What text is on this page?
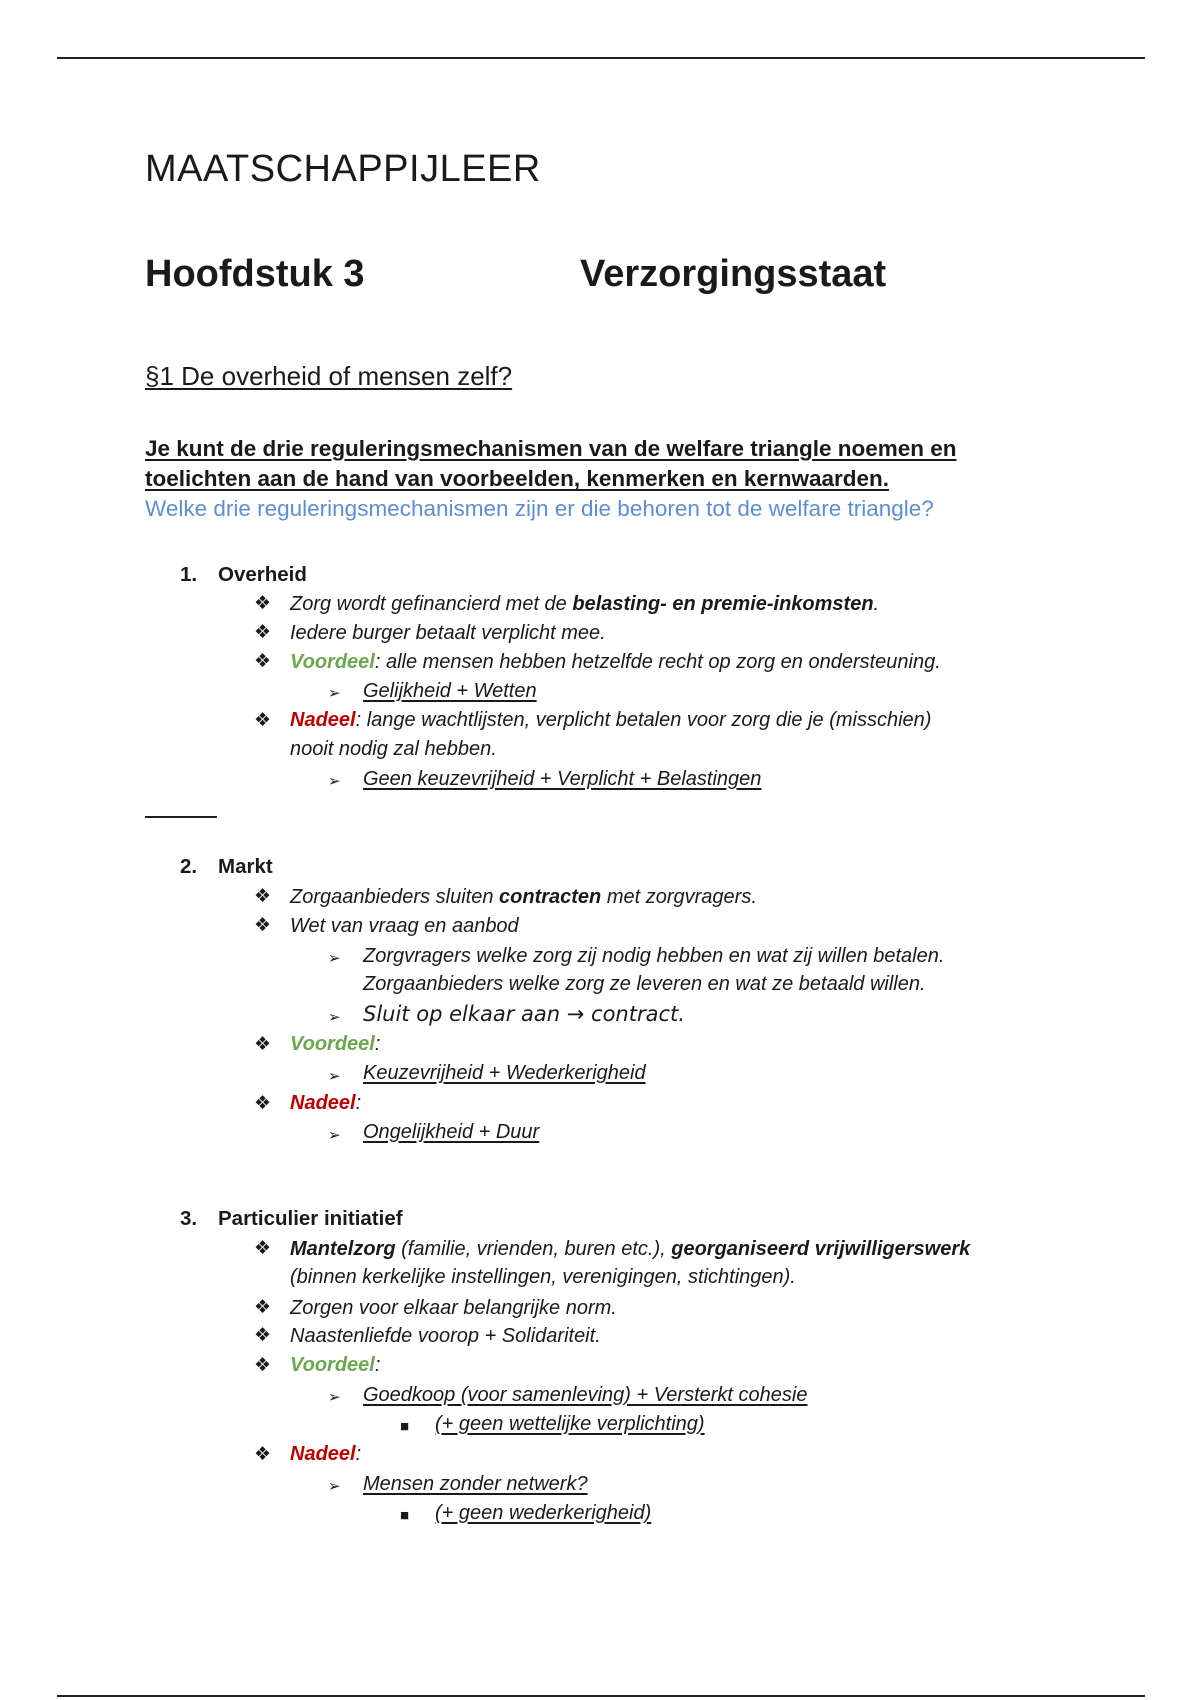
MAATSCHAPPIJLEER
Hoofdstuk 3	Verzorgingsstaat
§1 De overheid of mensen zelf?
Je kunt de drie reguleringsmechanismen van de welfare triangle noemen en
toelichten aan de hand van voorbeelden, kenmerken en kernwaarden.
Welke drie reguleringsmechanismen zijn er die behoren tot de welfare triangle?
1. Overheid
❖ Zorg wordt gefinancierd met de belasting- en premie-inkomsten.
❖ Iedere burger betaalt verplicht mee.
❖ Voordeel: alle mensen hebben hetzelfde recht op zorg en ondersteuning.
➢ Gelijkheid + Wetten
❖ Nadeel: lange wachtlijsten, verplicht betalen voor zorg die je (misschien)
nooit nodig zal hebben.
➢ Geen keuzevrijheid + Verplicht + Belastingen
2. Markt
❖ Zorgaanbieders sluiten contracten met zorgvragers.
❖ Wet van vraag en aanbod
➢ Zorgvragers welke zorg zij nodig hebben en wat zij willen betalen.
Zorgaanbieders welke zorg ze leveren en wat ze betaald willen.
➢ Sluit op elkaar aan → contract.
❖ Voordeel:
➢ Keuzevrijheid + Wederkerigheid
❖ Nadeel:
➢ Ongelijkheid + Duur
3. Particulier initiatief
❖ Mantelzorg (familie, vrienden, buren etc.), georganiseerd vrijwilligerswerk
(binnen kerkelijke instellingen, verenigingen, stichtingen).
❖ Zorgen voor elkaar belangrijke norm.
❖ Naastenliefde voorop + Solidariteit.
❖ Voordeel:
➢ Goedkoop (voor samenleving) + Versterkt cohesie
■ (+ geen wettelijke verplichting)
❖ Nadeel:
➢ Mensen zonder netwerk?
■ (+ geen wederkerigheid)
